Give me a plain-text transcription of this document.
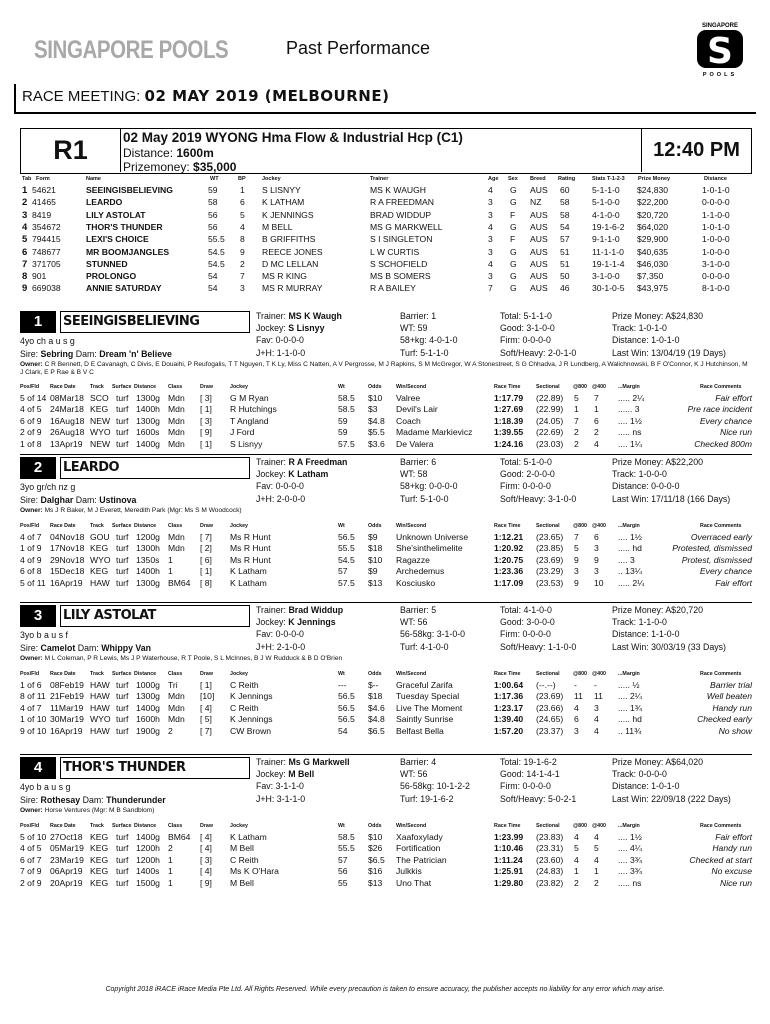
SINGAPORE POOLS	Past Performance
SINGAPORE
S
POOLS
RACE MEETING: 02 MAY 2019 (MELBOURNE)
R1	02 May 2019 WYONG Hma Flow & Industrial Hcp (C1)
Distance: 1600m
Prizemoney: $35,000
12:40 PM
Tab Form	Name	WT	BP	Jockey	Trainer	Age Sex Breed Rating	Stats T-1-2-3 Prize Money	Distance
1 54621	SEEINGISBELIEVING	59	1 S LISNYY	MS K WAUGH	4 G AUS 60	5-1-1-0 $24,830	1-0-1-0
2 41465	LEARDO	58	6 K LATHAM	R A FREEDMAN	3 G NZ 58	5-1-0-0 $22,200	0-0-0-0
3 8419	LILY ASTOLAT	56	5 K JENNINGS	BRAD WIDDUP	3 F AUS 58	4-1-0-0 $20,720	1-1-0-0
4 354672	THOR'S THUNDER	56	4 M BELL	MS G MARKWELL	4 G AUS 54	19-1-6-2 $64,020	1-0-1-0
5 794415	LEXI'S CHOICE	55.5 8 B GRIFFITHS	S I SINGLETON	3 F AUS 57	9-1-1-0 $29,900	1-0-0-0
6 748677	MR BOOMJANGLES	54.5 9 REECE JONES	L W CURTIS	3 G AUS 51	11-1-1-0 $40,635	1-0-0-0
7 371705	STUNNED	54.5 2 D MC LELLAN	S SCHOFIELD	4 G AUS 51	19-1-1-4 $46,030	3-1-0-0
8 901	PROLONGO	54	7 MS R KING	MS B SOMERS	3 G AUS 50	3-1-0-0 $7,350	0-0-0-0
9 669038	ANNIE SATURDAY	54	3 MS R MURRAY	R A BAILEY	7 G AUS 46	30-1-0-5 $43,975	8-1-0-0
1	SEEINGISBELIEVING	Trainer: MS K Waugh
Jockey: S Lisnyy
Fav: 0-0-0-0
J+H: 1-1-0-0
Barrier: 1
WT: 59
58+kg: 4-0-1-0
Turf: 5-1-1-0
Total: 5-1-1-0
Good: 3-1-0-0
Firm: 0-0-0-0
Soft/Heavy: 2-0-1-0
Prize Money: A$24,830
Track: 1-0-1-0
Distance: 1-0-1-0
Last Win: 13/04/19 (19 Days)
4yo ch a u s g
Sire: Sebring Dam: Dream 'n' Believe
Owner: C R Bennett, D E Cavanagh, C Divis, E Douaihi, P Reufogalis, T T Nguyen, T K Ly, Miss C Natten, A V Pergrosse, M J Rapkins, S M McGregor, W A Stonestreet, S G Chhadva, J R Lundberg, A Walichnowski, B F O'Connor, K J Hutchinson, M J Clark, E P Rae & B V C
Pos/Fld Race Date	Track Surface Distance Class	Draw	Jockey	Wt	Odds	Win/Second	Race Time	Sectional	@800 @400 ...Margin	Race Comments
5 of 14 08Mar18 SCO turf 1300g Mdn [ 3] G M Ryan	58.5 $10 Valree	1:17.79 (22.89) 5 7 ..... 2¼	Fair effort
4 of 5 24Mar18 KEG turf 1400h Mdn [ 1] R Hutchings	58.5 $3 Devil's Lair	1:27.69 (22.99) 1 1 ...... 3	Pre race incident
6 of 9 16Aug18 NEW turf 1300g Mdn [ 3] T Angland	59 $4.8 Coach	1:18.39 (24.05) 7 6 .... 1½	Every chance
2 of 9 26Aug18 WYO turf 1600s Mdn [ 9] J Ford	59 $5.5 Madame Markievicz	1:39.55 (22.69) 2 2 ..... ns	Nice run
1 of 8 13Apr19 NEW turf 1400g Mdn [ 1] S Lisnyy	57.5 $3.6 De Valera	1:24.16 (23.03) 2 4 .... 1¼	Checked 800m
2	LEARDO	Trainer: R A Freedman
Jockey: K Latham
Fav: 0-0-0-0
J+H: 2-0-0-0
Barrier: 6
WT: 58
58+kg: 0-0-0-0
Turf: 5-1-0-0
Total: 5-1-0-0
Good: 2-0-0-0
Firm: 0-0-0-0
Soft/Heavy: 3-1-0-0
Prize Money: A$22,200
Track: 1-0-0-0
Distance: 0-0-0-0
Last Win: 17/11/18 (166 Days)
3yo gr/ch nz g
Sire: Dalghar Dam: Ustinova
Owner: Ms J R Baker, M J Everett, Meredith Park (Mgr: Ms S M Woodcock)
Pos/Fld Race Date	Track Surface Distance Class	Draw	Jockey	Wt	Odds	Win/Second	Race Time	Sectional	@800 @400 ...Margin	Race Comments
4 of 7 04Nov18 GOU turf 1200g Mdn [ 7] Ms R Hunt	56.5 $9 Unknown Universe	1:12.21 (23.65) 7 6 .... 1½	Overraced early
1 of 9 17Nov18 KEG turf 1300h Mdn [ 2] Ms R Hunt	55.5 $18 She'sinthelimelite	1:20.92 (23.85) 5 3 ..... hd	Protested, dismissed
4 of 9 29Nov18 WYO turf 1350s 1	[ 6] Ms R Hunt	54.5 $10 Ragazze	1:20.75 (23.69) 9 9 .... 3	Protest, dismissed
6 of 8 15Dec18 KEG turf 1400h 1	[ 1] K Latham	57 $9 Archedemus	1:23.36 (23.29) 3 3 .. 13¼	Every chance
5 of 11 16Apr19 HAW turf 1300g BM64 [ 8] K Latham	57.5 $13 Kosciusko	1:17.09 (23.53) 9 10 ..... 2¼	Fair effort
3	LILY ASTOLAT	Trainer: Brad Widdup
Jockey: K Jennings
Fav: 0-0-0-0
J+H: 2-1-0-0
Barrier: 5
WT: 56
56-58kg: 3-1-0-0
Turf: 4-1-0-0
Total: 4-1-0-0
Good: 3-0-0-0
Firm: 0-0-0-0
Soft/Heavy: 1-1-0-0
Prize Money: A$20,720
Track: 1-1-0-0
Distance: 1-1-0-0
Last Win: 30/03/19 (33 Days)
3yo b a u s f
Sire: Camelot Dam: Whippy Van
Owner: M L Coleman, P R Lewis, Ms J P Waterhouse, R T Poole, S L McInnes, B J W Rudduck & B D O'Brien
Pos/Fld Race Date	Track Surface Distance Class	Draw	Jockey	Wt	Odds	Win/Second	Race Time	Sectional	@800 @400 ...Margin	Race Comments
1 of 6 08Feb19 HAW turf 1000g Tri	[ 1] C Reith	--- $-- Graceful Zarifa	1:00.64 (--.--) - - ..... ½	Barrier trial
8 of 11 21Feb19 HAW turf 1300g Mdn [10] K Jennings	56.5 $18 Tuesday Special	1:17.36 (23.69) 11 11 .... 2¼	Well beaten
4 of 7 11Mar19 HAW turf 1400g Mdn [ 4] C Reith	56.5 $4.6 Live The Moment	1:23.17 (23.66) 4 3 .... 1¾	Handy run
1 of 10 30Mar19 WYO turf 1600h Mdn [ 5] K Jennings	56.5 $4.8 Saintly Sunrise	1:39.40 (24.65) 6 4 ..... hd	Checked early
9 of 10 16Apr19 HAW turf 1900g 2	[ 7] CW Brown	54 $6.5 Belfast Bella	1:57.20 (23.37) 3 4 .. 11¾	No show
4	THOR'S THUNDER	Trainer: Ms G Markwell
Jockey: M Bell
Fav: 3-1-1-0
J+H: 3-1-1-0
Barrier: 4
WT: 56
56-58kg: 10-1-2-2
Turf: 19-1-6-2
Total: 19-1-6-2
Good: 14-1-4-1
Firm: 0-0-0-0
Soft/Heavy: 5-0-2-1
Prize Money: A$64,020
Track: 0-0-0-0
Distance: 1-0-1-0
Last Win: 22/09/18 (222 Days)
4yo b a u s g
Sire: Rothesay Dam: Thunderunder
Owner: Horse Ventures (Mgr: M B Sandblom)
Pos/Fld Race Date	Track Surface Distance Class	Draw	Jockey	Wt	Odds	Win/Second	Race Time	Sectional	@800 @400 ...Margin	Race Comments
5 of 10 27Oct18 KEG turf 1400g BM64 [ 4] K Latham	58.5 $10 Xaafoxylady	1:23.99 (23.83) 4 4 .... 1½	Fair effort
4 of 5 05Mar19 KEG turf 1200h 2	[ 4] M Bell	55.5 $26 Fortification	1:10.46 (23.31) 5 5 .... 4¼	Handy run
6 of 7 23Mar19 KEG turf 1200h 1	[ 3] C Reith	57 $6.5 The Patrician	1:11.24 (23.60) 4 4 .... 3¾	Checked at start
7 of 9 06Apr19 KEG turf 1400s 1	[ 4] Ms K O'Hara	56 $16 Julkkis	1:25.91 (24.83) 1 1 .... 3¾	No excuse
2 of 9 20Apr19 KEG turf 1500g 1	[ 9] M Bell	55 $13 Uno That	1:29.80 (23.82) 2 2 ..... ns	Nice run
Copyright 2018 iRACE iRace Media Pte Ltd. All Rights Reserved. While every precaution is taken to ensure accuracy, the publisher accepts no liability for any error which may arise.
